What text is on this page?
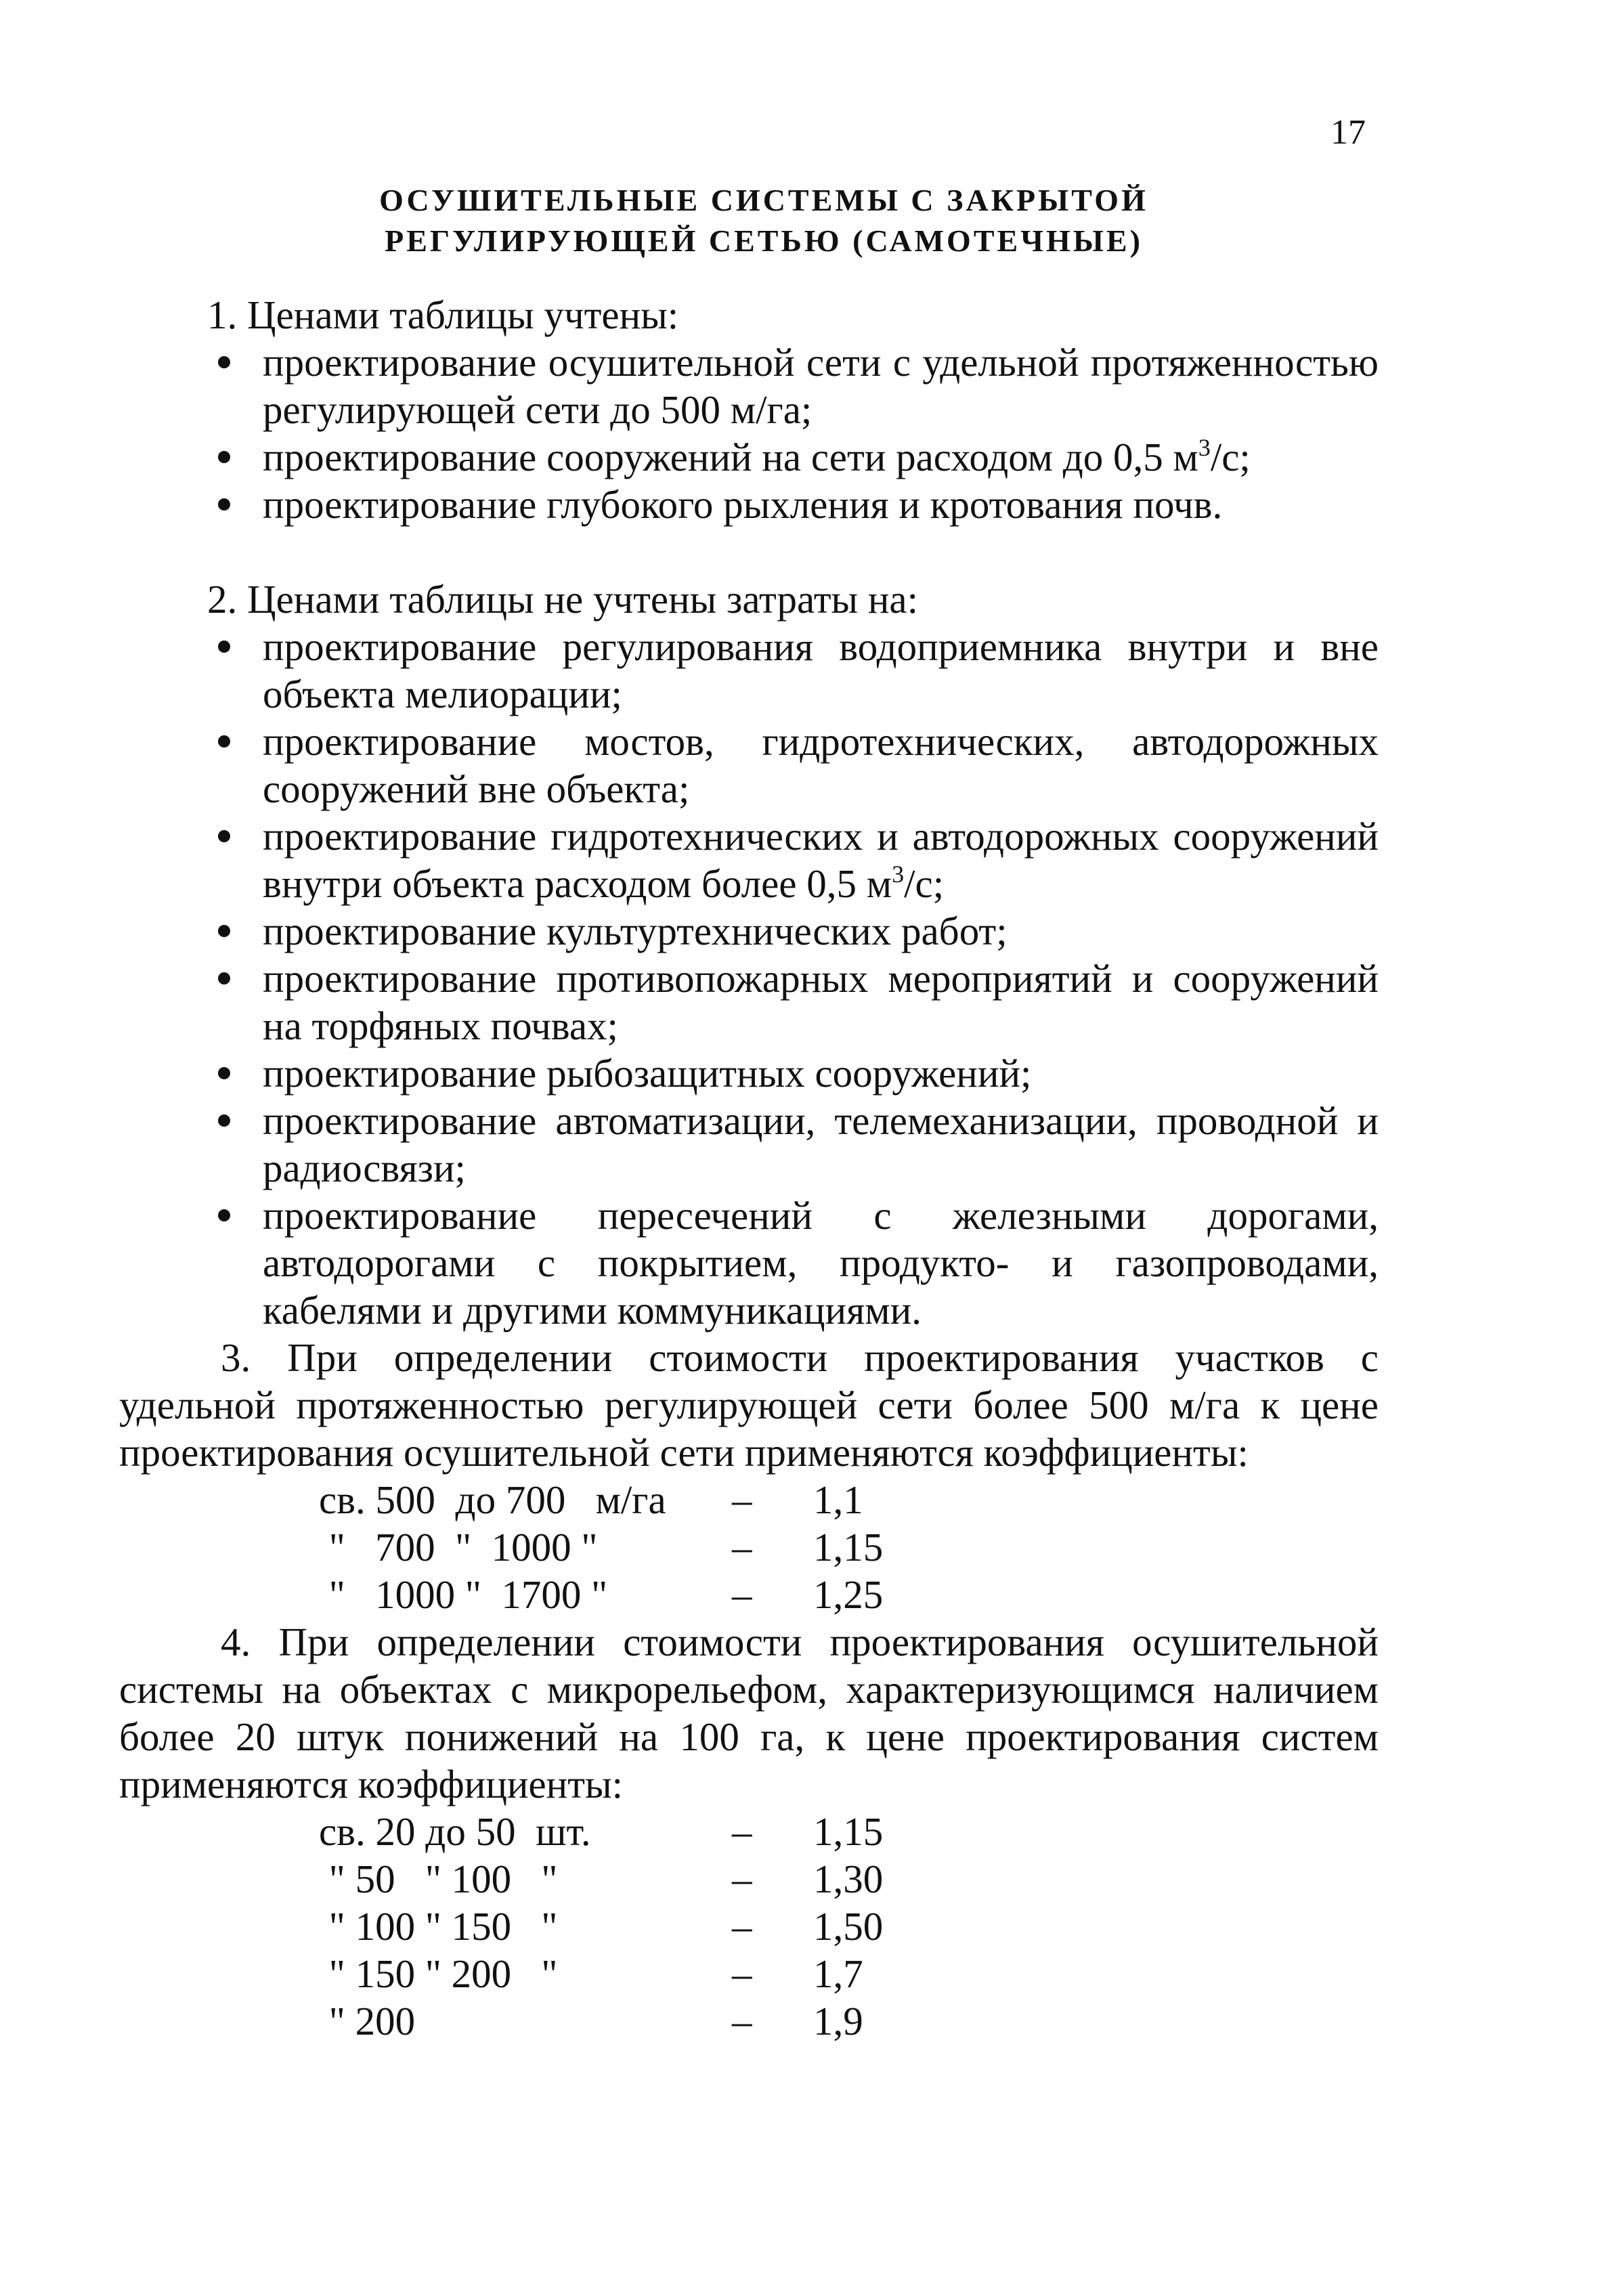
17
ОСУШИТЕЛЬНЫЕ СИСТЕМЫ С ЗАКРЫТОЙ
РЕГУЛИРУЮЩЕЙ СЕТЬЮ (САМОТЕЧНЫЕ)
1. Ценами таблицы учтены:
проектирование осушительной сети с удельной протяженностью регулирующей сети до 500 м/га;
проектирование сооружений на сети расходом до 0,5 $м^3/с$;
проектирование глубокого рыхления и кротования почв.
2. Ценами таблицы не учтены затраты на:
проектирование регулирования водоприемника внутри и вне объекта мелиорации;
проектирование мостов, гидротехнических, автодорожных сооружений вне объекта;
проектирование гидротехнических и автодорожных сооружений внутри объекта расходом более 0,5 $м^3/с$;
проектирование культуртехнических работ;
проектирование противопожарных мероприятий и сооружений на торфяных почвах;
проектирование рыбозащитных сооружений;
проектирование автоматизации, телемеханизации, проводной и радиосвязи;
проектирование пересечений с железными дорогами, автодорогами с покрытием, продукто- и газопроводами, кабелями и другими коммуникациями.

3. При определении стоимости проектирования участков с удельной протяженностью регулирующей сети более 500 м/га к цене проектирования осушительной сети применяются коэффициенты:

св. 500  до 700   м/га	–	1,1
"   700  "  1000 "	–	1,15
"   1000 "  1700 "	–	1,25

4. При определении стоимости проектирования осушительной системы на объектах с микрорельефом, характеризующимся наличием более 20 штук понижений на 100 га, к цене проектирования систем применяются коэффициенты:

св. 20 до 50  шт.	–	1,15
" 50   " 100   "	–	1,30
" 100 " 150   "	–	1,50
" 150 " 200   "	–	1,7
" 200	–	1,9
